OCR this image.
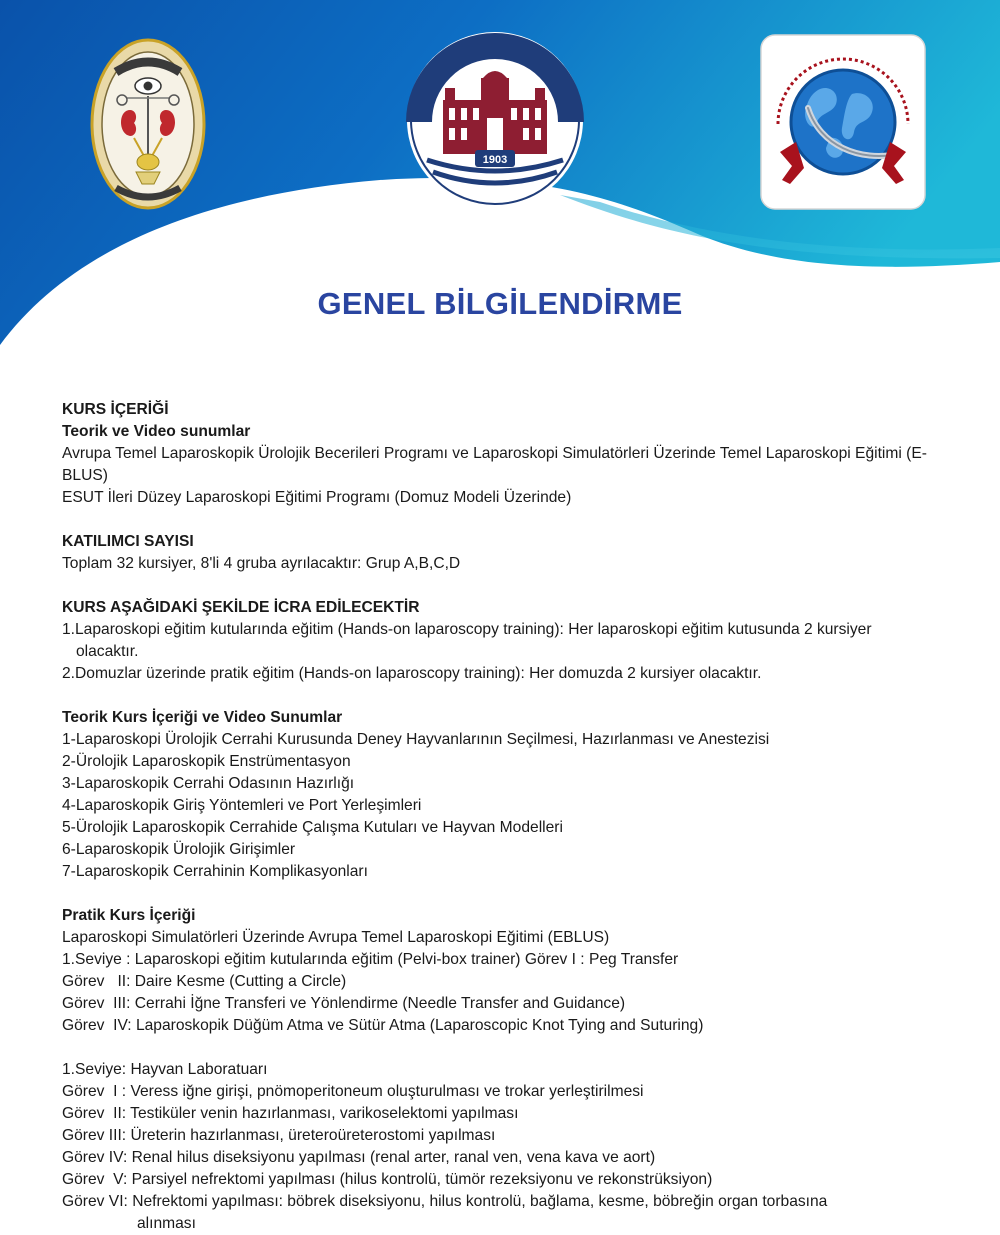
1903
GENEL BİLGİLENDİRME

KURS İÇERİĞİ

Teorik ve Video sunumlar

Avrupa Temel Laparoskopik Ürolojik Becerileri Programı ve Laparoskopi Simulatörleri Üzerinde Temel Laparoskopi Eğitimi (E-BLUS)

ESUT İleri Düzey Laparoskopi Eğitimi Programı (Domuz Modeli Üzerinde)

KATILIMCI SAYISI

Toplam 32 kursiyer, 8'li 4 gruba ayrılacaktır: Grup A,B,C,D

KURS AŞAĞIDAKİ ŞEKİLDE İCRA EDİLECEKTİR

1.Laparoskopi eğitim kutularında eğitim (Hands-on laparoscopy training): Her laparoskopi eğitim kutusunda 2 kursiyer

olacaktır.

2.Domuzlar üzerinde pratik eğitim (Hands-on laparoscopy training): Her domuzda 2 kursiyer olacaktır.

Teorik Kurs İçeriği ve Video Sunumlar

1-Laparoskopi Ürolojik Cerrahi Kurusunda Deney Hayvanlarının Seçilmesi, Hazırlanması ve Anestezisi

2-Ürolojik Laparoskopik Enstrümentasyon

3-Laparoskopik Cerrahi Odasının Hazırlığı

4-Laparoskopik Giriş Yöntemleri ve Port Yerleşimleri

5-Ürolojik Laparoskopik Cerrahide Çalışma Kutuları ve Hayvan Modelleri

6-Laparoskopik Ürolojik Girişimler

7-Laparoskopik Cerrahinin Komplikasyonları

Pratik Kurs İçeriği

Laparoskopi Simulatörleri Üzerinde Avrupa Temel Laparoskopi Eğitimi (EBLUS)

1.Seviye : Laparoskopi eğitim kutularında eğitim (Pelvi-box trainer) Görev I : Peg Transfer

Görev   II: Daire Kesme (Cutting a Circle)

Görev  III: Cerrahi İğne Transferi ve Yönlendirme (Needle Transfer and Guidance)

Görev  IV: Laparoskopik Düğüm Atma ve Sütür Atma (Laparoscopic Knot Tying and Suturing)

1.Seviye: Hayvan Laboratuarı

Görev  I : Veress iğne girişi, pnömoperitoneum oluşturulması ve trokar yerleştirilmesi

Görev  II: Testiküler venin hazırlanması, varikoselektomi yapılması

Görev III: Üreterin hazırlanması, üreteroüreterostomi yapılması

Görev IV: Renal hilus diseksiyonu yapılması (renal arter, ranal ven, vena kava ve aort)

Görev  V: Parsiyel nefrektomi yapılması (hilus kontrolü, tümör rezeksiyonu ve rekonstrüksiyon)

Görev VI: Nefrektomi yapılması: böbrek diseksiyonu, hilus kontrolü, bağlama, kesme, böbreğin organ torbasına

alınması
